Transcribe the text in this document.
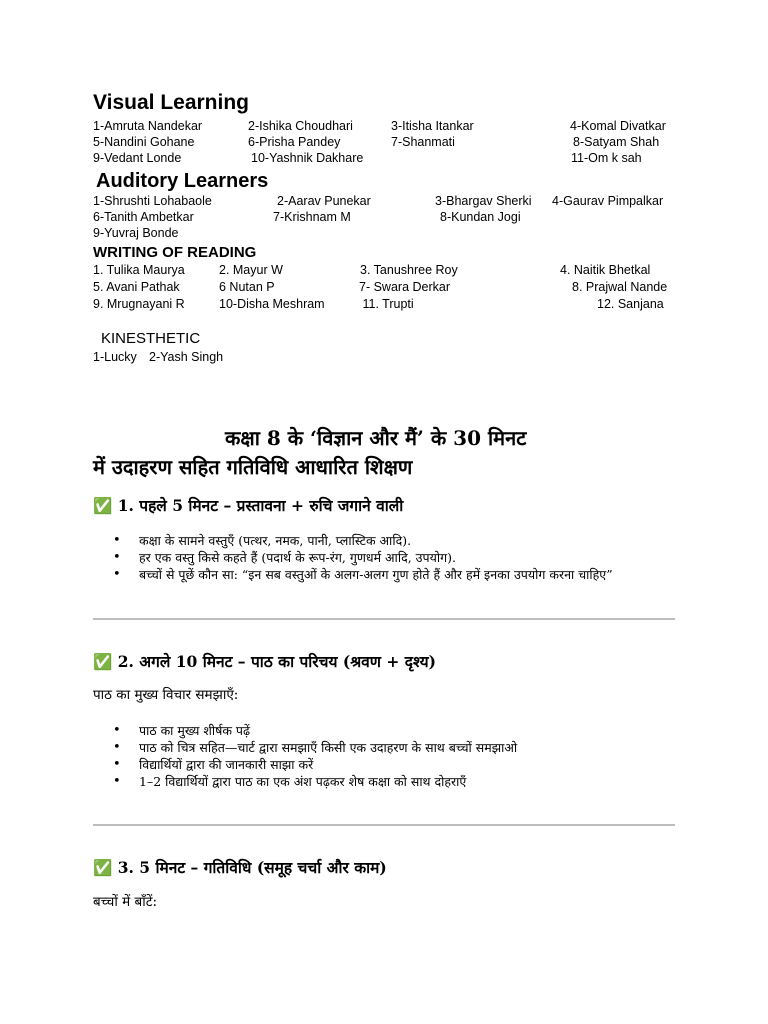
Visual Learning
1-Amruta Nandekar	2-Ishika Choudhari	3-Itisha Itankar	4-Komal Divatkar
5-Nandini Gohane	6-Prisha Pandey	7-Shanmati	8-Satyam Shah
9-Vedant Londe	10-Yashnik Dakhare	11-Om k sah
Auditory Learners
1-Shrushti Lohabaole	2-Aarav Punekar	3-Bhargav Sherki 4-Gaurav Pimpalkar
6-Tanith Ambetkar	7-Krishnam M	8-Kundan Jogi
9-Yuvraj Bonde
WRITING OF READING
1. Tulika Maurya	2. Mayur W	3. Tanushree Roy	4. Naitik Bhetkal
5. Avani Pathak	6 Nutan P	7- Swara Derkar	8. Prajwal Nande
9. Mrugnayani R	10-Disha Meshram	11. Trupti	12. Sanjana
KINESTHETIC
1-Lucky 2-Yash Singh
कक्षा 8 के ‘विज्ञान और मैं’ के 30 मिनट
में उदाहरण सहित गतिविधि आधारित शिक्षण
✅ 1. पहले 5 मिनट – प्रस्तावना + रुचि जगाने वाली
• कक्षा के सामने वस्तुएँ (पत्थर, नमक, पानी, प्लास्टिक आदि).
• हर एक वस्तु किसे कहते हैं (पदार्थ के रूप-रंग, गुणधर्म आदि, उपयोग).
• बच्चों से पूछें कौन सा: “इन सब वस्तुओं के अलग-अलग गुण होते हैं और हमें इनका उपयोग करना चाहिए”
✅ 2. अगले 10 मिनट – पाठ का परिचय (श्रवण + दृश्य)
पाठ का मुख्य विचार समझाएँ:
• पाठ का मुख्य शीर्षक पढ़ें
• पाठ को चित्र सहित—चार्ट द्वारा समझाएँ किसी एक उदाहरण के साथ बच्चों समझाओ
• विद्यार्थियों द्वारा की जानकारी साझा करें
• 1–2 विद्यार्थियों द्वारा पाठ का एक अंश पढ़कर शेष कक्षा को साथ दोहराएँ
✅ 3. 5 मिनट – गतिविधि (समूह चर्चा और काम)
बच्चों में बाँटें:
